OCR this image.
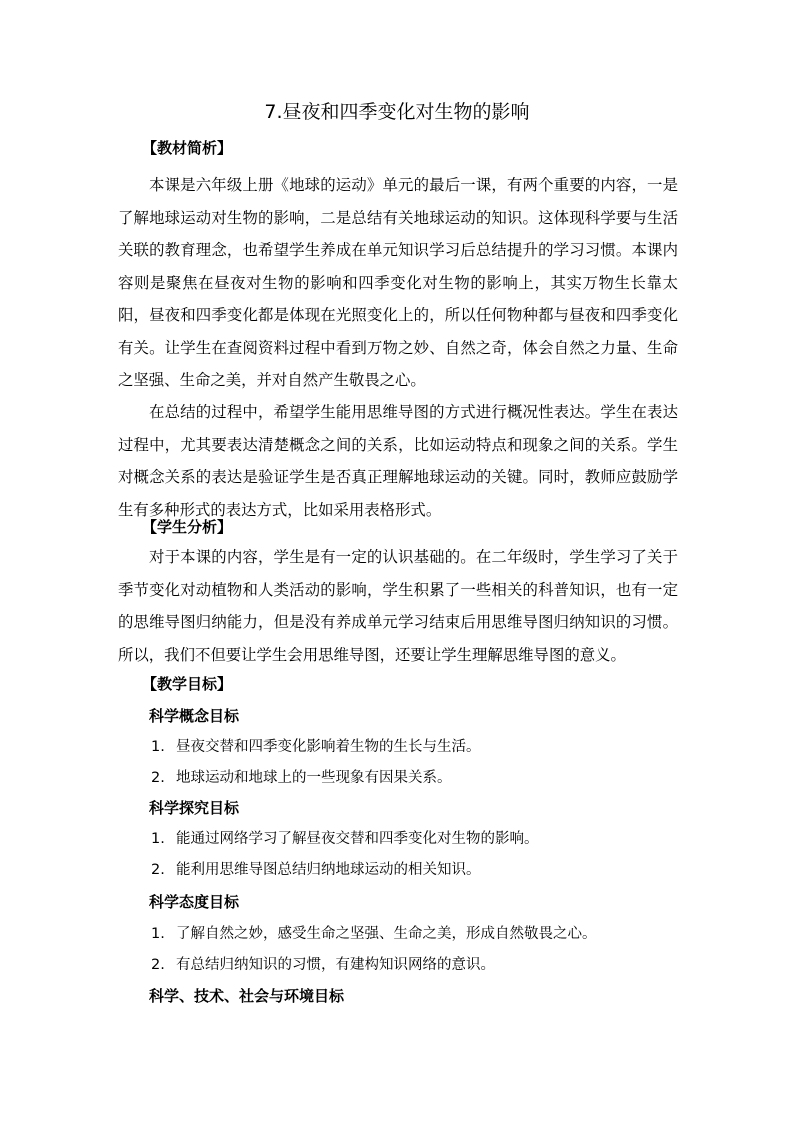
7.昼夜和四季变化对生物的影响
【教材简析】

本课是六年级上册《地球的运动》单元的最后一课，有两个重要的内容，一是了解地球运动对生物的影响，二是总结有关地球运动的知识。这体现科学要与生活关联的教育理念，也希望学生养成在单元知识学习后总结提升的学习习惯。本课内容则是聚焦在昼夜对生物的影响和四季变化对生物的影响上，其实万物生长靠太阳，昼夜和四季变化都是体现在光照变化上的，所以任何物种都与昼夜和四季变化有关。让学生在查阅资料过程中看到万物之妙、自然之奇，体会自然之力量、生命之坚强、生命之美，并对自然产生敬畏之心。

在总结的过程中，希望学生能用思维导图的方式进行概况性表达。学生在表达过程中，尤其要表达清楚概念之间的关系，比如运动特点和现象之间的关系。学生对概念关系的表达是验证学生是否真正理解地球运动的关键。同时，教师应鼓励学生有多种形式的表达方式，比如采用表格形式。

【学生分析】

对于本课的内容，学生是有一定的认识基础的。在二年级时，学生学习了关于季节变化对动植物和人类活动的影响，学生积累了一些相关的科普知识，也有一定的思维导图归纳能力，但是没有养成单元学习结束后用思维导图归纳知识的习惯。所以，我们不但要让学生会用思维导图，还要让学生理解思维导图的意义。

【教学目标】
科学概念目标
1. 昼夜交替和四季变化影响着生物的生长与生活。
2. 地球运动和地球上的一些现象有因果关系。
科学探究目标
1. 能通过网络学习了解昼夜交替和四季变化对生物的影响。
2. 能利用思维导图总结归纳地球运动的相关知识。
科学态度目标
1. 了解自然之妙，感受生命之坚强、生命之美，形成自然敬畏之心。
2. 有总结归纳知识的习惯，有建构知识网络的意识。
科学、技术、社会与环境目标
